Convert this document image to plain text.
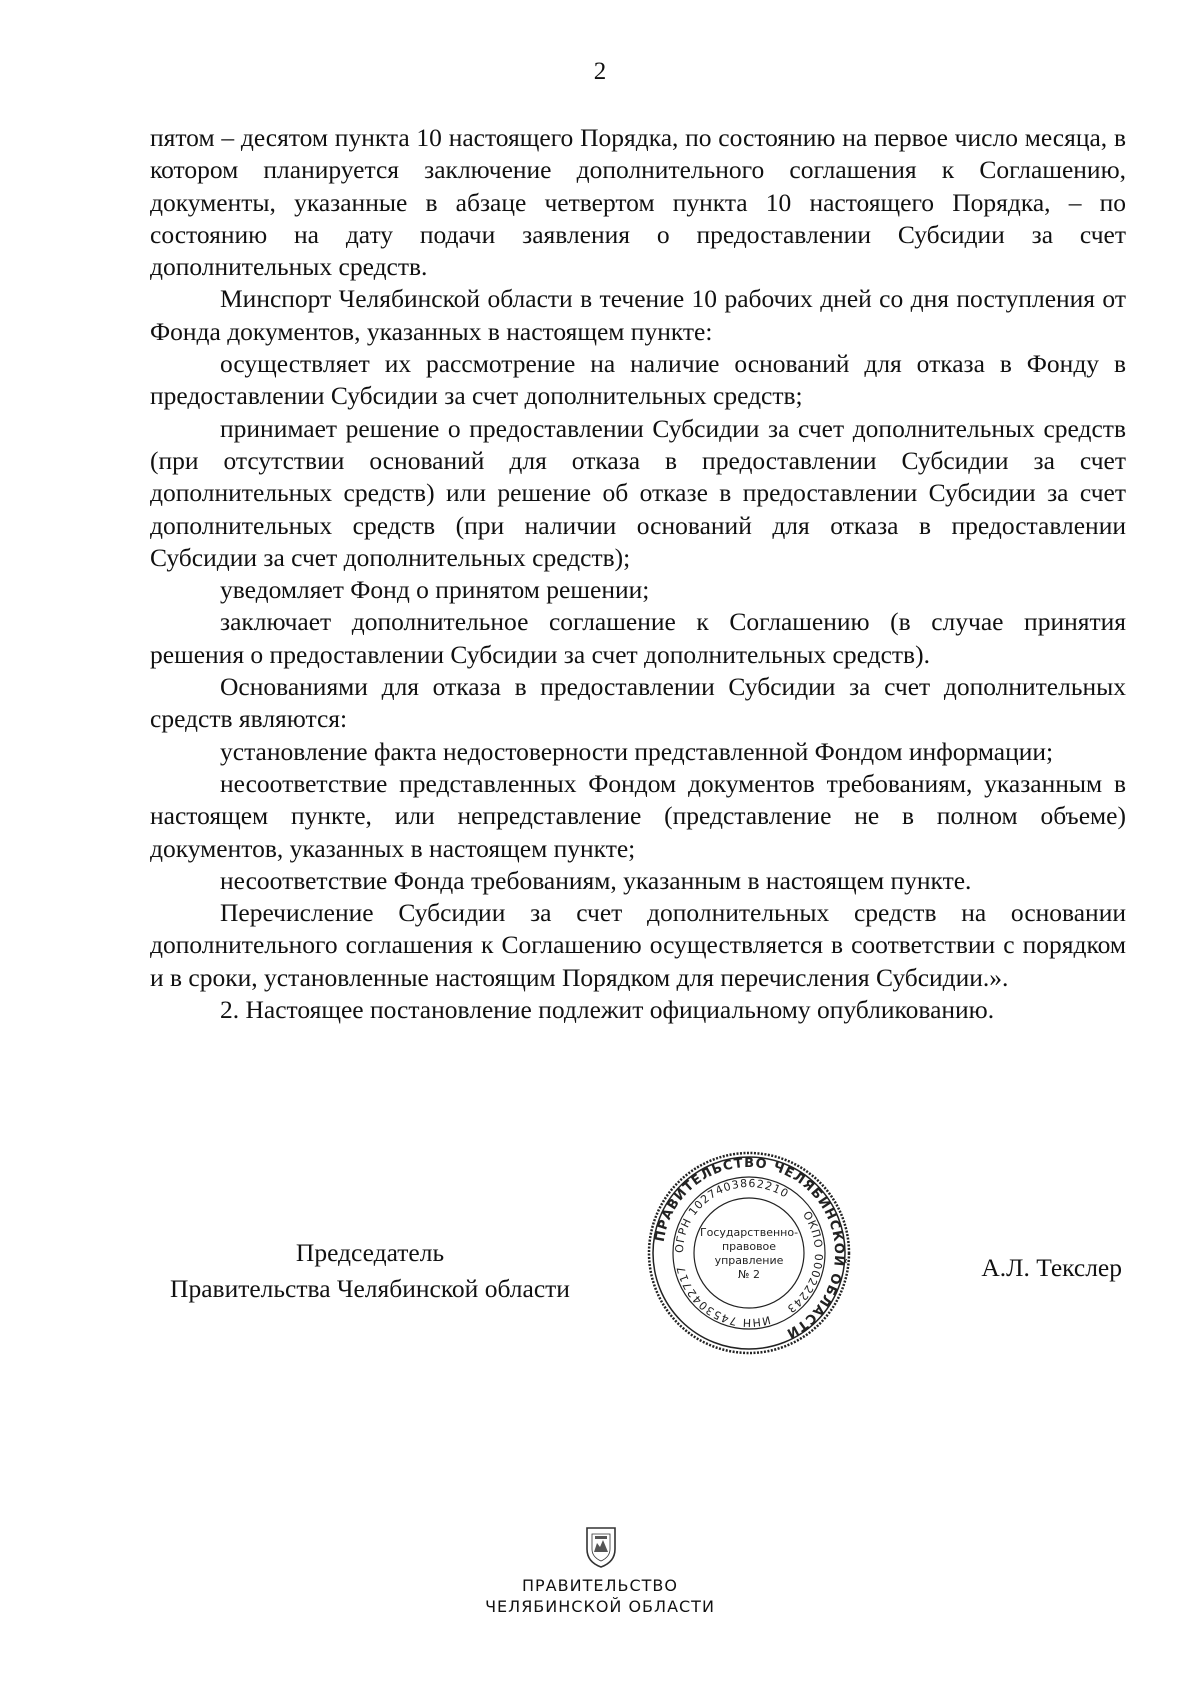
2

пятом – десятом пункта 10 настоящего Порядка, по состоянию на первое число месяца, в котором планируется заключение дополнительного соглашения к Соглашению, документы, указанные в абзаце четвертом пункта 10 настоящего Порядка, – по состоянию на дату подачи заявления о предоставлении Субсидии за счет дополнительных средств.

Минспорт Челябинской области в течение 10 рабочих дней со дня поступления от Фонда документов, указанных в настоящем пункте:

осуществляет их рассмотрение на наличие оснований для отказа в Фонду в предоставлении Субсидии за счет дополнительных средств;

принимает решение о предоставлении Субсидии за счет дополнительных средств (при отсутствии оснований для отказа в предоставлении Субсидии за счет дополнительных средств) или решение об отказе в предоставлении Субсидии за счет дополнительных средств (при наличии оснований для отказа в предоставлении Субсидии за счет дополнительных средств);

уведомляет Фонд о принятом решении;

заключает дополнительное соглашение к Соглашению (в случае принятия решения о предоставлении Субсидии за счет дополнительных средств).

Основаниями для отказа в предоставлении Субсидии за счет дополнительных средств являются:

установление факта недостоверности представленной Фондом информации;

несоответствие представленных Фондом документов требованиям, указанным в настоящем пункте, или непредставление (представление не в полном объеме) документов, указанных в настоящем пункте;

несоответствие Фонда требованиям, указанным в настоящем пункте.

Перечисление Субсидии за счет дополнительных средств на основании дополнительного соглашения к Соглашению осуществляется в соответствии с порядком и в сроки, установленные настоящим Порядком для перечисления Субсидии.».

2. Настоящее постановление подлежит официальному опубликованию.

Председатель
Правительства Челябинской области
ПРАВИТЕЛЬСТВО ЧЕЛЯБИНСКОЙ ОБЛАСТИ
ОГРН 1027403862210
ОКПО 00022243
ИНН 7453042717
Государственно-
правовое
управление
№ 2	А.Л. Текслер
ПРАВИТЕЛЬСТВО
ЧЕЛЯБИНСКОЙ ОБЛАСТИ
